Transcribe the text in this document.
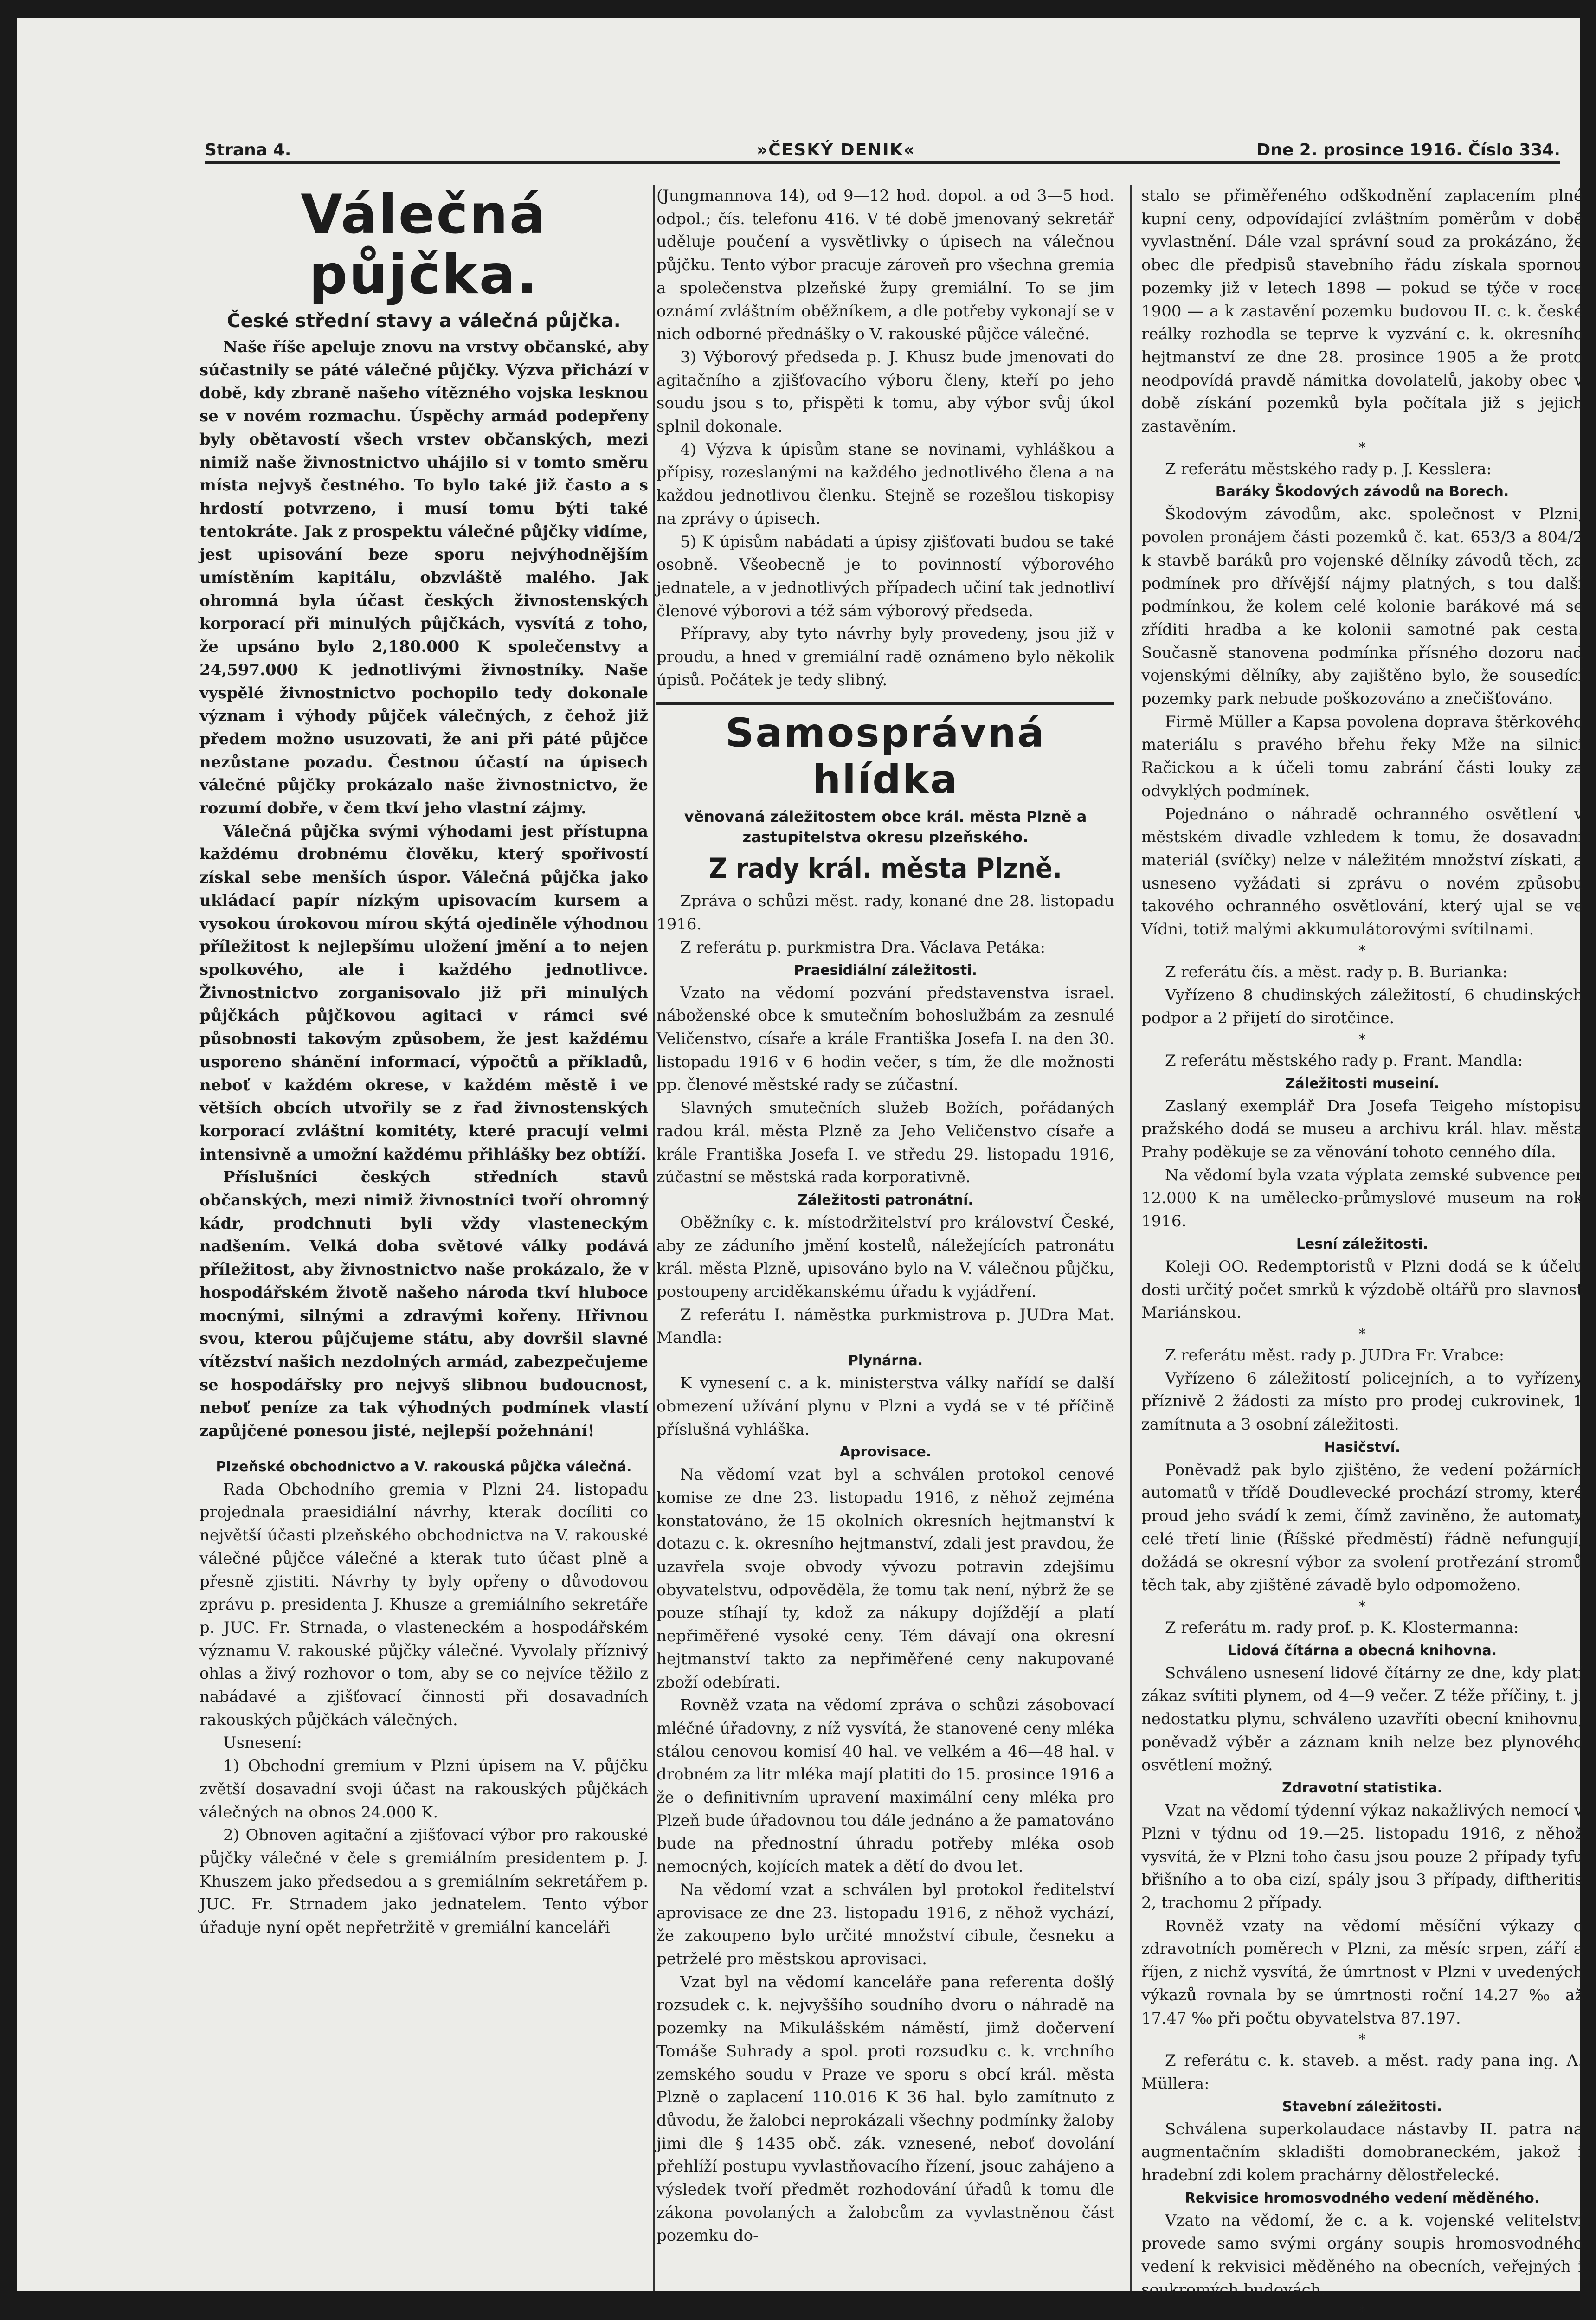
Strana 4.	»ČESKÝ DENIK«	Dne 2. prosince 1916. Číslo 334.
Válečná půjčka.
České střední stavy a válečná půjčka.

Naše říše apeluje znovu na vrstvy občanské, aby súčastnily se páté válečné půjčky. Výzva přichází v době, kdy zbraně našeho vítězného vojska lesknou se v novém rozmachu. Úspěchy armád podepřeny byly obětavostí všech vrstev občanských, mezi nimiž naše živnostnictvo uhájilo si v tomto směru místa nejvyš čestného. To bylo také již často a s hrdostí potvrzeno, i musí tomu býti také tentokráte. Jak z prospektu válečné půjčky vidíme, jest upisování beze sporu nejvýhodnějším umístěním kapitálu, obzvláště malého. Jak ohromná byla účast českých živnostenských korporací při minulých půjčkách, vysvítá z toho, že upsáno bylo 2,180.000 K společenstvy a 24,597.000 K jednotlivými živnostníky. Naše vyspělé živnostnictvo pochopilo tedy dokonale význam i výhody půjček válečných, z čehož již předem možno usuzovati, že ani při páté půjčce nezůstane pozadu. Čestnou účastí na úpisech válečné půjčky prokázalo naše živnostnictvo, že rozumí dobře, v čem tkví jeho vlastní zájmy.

Válečná půjčka svými výhodami jest přístupna každému drobnému člověku, který spořivostí získal sebe menších úspor. Válečná půjčka jako ukládací papír nízkým upisovacím kursem a vysokou úrokovou mírou skýtá ojediněle výhodnou příležitost k nejlepšímu uložení jmění a to nejen spolkového, ale i každého jednotlivce. Živnostnictvo zorganisovalo již při minulých půjčkách půjčkovou agitaci v rámci své působnosti takovým způsobem, že jest každému usporeno shánění informací, výpočtů a příkladů, neboť v každém okrese, v každém městě i ve větších obcích utvořily se z řad živnostenských korporací zvláštní komitéty, které pracují velmi intensivně a umožní každému přihlášky bez obtíží.

Příslušníci českých středních stavů občanských, mezi nimiž živnostníci tvoří ohromný kádr, prodchnuti byli vždy vlasteneckým nadšením. Velká doba světové války podává příležitost, aby živnostnictvo naše prokázalo, že v hospodářském životě našeho národa tkví hluboce mocnými, silnými a zdravými kořeny. Hřivnou svou, kterou půjčujeme státu, aby dovršil slavné vítězství našich nezdolných armád, zabezpečujeme se hospodářsky pro nejvyš slibnou budoucnost, neboť peníze za tak výhodných podmínek vlastí zapůjčené ponesou jisté, nejlepší požehnání!

Plzeňské obchodnictvo a V. rakouská půjčka válečná.

Rada Obchodního gremia v Plzni 24. listopadu projednala praesidiální návrhy, kterak docíliti co největší účasti plzeňského obchodnictva na V. rakouské válečné půjčce válečné a kterak tuto účast plně a přesně zjistiti. Návrhy ty byly opřeny o důvodovou zprávu p. presidenta J. Khusze a gremiálního sekretáře p. JUC. Fr. Strnada, o vlasteneckém a hospodářském významu V. rakouské půjčky válečné. Vyvolaly příznivý ohlas a živý rozhovor o tom, aby se co nejvíce těžilo z nabádavé a zjišťovací činnosti při dosavadních rakouských půjčkách válečných.

Usnesení:

1) Obchodní gremium v Plzni úpisem na V. půjčku zvětší dosavadní svoji účast na rakouských půjčkách válečných na obnos 24.000 K.

2) Obnoven agitační a zjišťovací výbor pro rakouské půjčky válečné v čele s gremiálním presidentem p. J. Khuszem jako předsedou a s gremiálním sekretářem p. JUC. Fr. Strnadem jako jednatelem. Tento výbor úřaduje nyní opět nepřetržitě v gremiální kanceláři

(Jungmannova 14), od 9—12 hod. dopol. a od 3—5 hod. odpol.; čís. telefonu 416. V té době jmenovaný sekretář uděluje poučení a vysvětlivky o úpisech na válečnou půjčku. Tento výbor pracuje zároveň pro všechna gremia a společenstva plzeňské župy gremiální. To se jim oznámí zvláštním oběžníkem, a dle potřeby vykonají se v nich odborné přednášky o V. rakouské půjčce válečné.

3) Výborový předseda p. J. Khusz bude jmenovati do agitačního a zjišťovacího výboru členy, kteří po jeho soudu jsou s to, přispěti k tomu, aby výbor svůj úkol splnil dokonale.

4) Výzva k úpisům stane se novinami, vyhláškou a přípisy, rozeslanými na každého jednotlivého člena a na každou jednotlivou členku. Stejně se rozešlou tiskopisy na zprávy o úpisech.

5) K úpisům nabádati a úpisy zjišťovati budou se také osobně. Všeobecně je to povinností výborového jednatele, a v jednotlivých případech učiní tak jednotliví členové výborovi a též sám výborový předseda.

Přípravy, aby tyto návrhy byly provedeny, jsou již v proudu, a hned v gremiální radě oznámeno bylo několik úpisů. Počátek je tedy slibný.

Samosprávná hlídka
věnovaná záležitostem obce král. města Plzně a zastupitelstva okresu plzeňského.
Z rady král. města Plzně.

Zpráva o schůzi měst. rady, konané dne 28. listopadu 1916.

Z referátu p. purkmistra Dra. Václava Petáka:

Praesidiální záležitosti.

Vzato na vědomí pozvání představenstva israel. náboženské obce k smutečním bohoslužbám za zesnulé Veličenstvo, císaře a krále Františka Josefa I. na den 30. listopadu 1916 v 6 hodin večer, s tím, že dle možnosti pp. členové městské rady se zúčastní.

Slavných smutečních služeb Božích, pořádaných radou král. města Plzně za Jeho Veličenstvo císaře a krále Františka Josefa I. ve středu 29. listopadu 1916, zúčastní se městská rada korporativně.

Záležitosti patronátní.

Oběžníky c. k. místodržitelství pro království České, aby ze záduního jmění kostelů, náležejících patronátu král. města Plzně, upisováno bylo na V. válečnou půjčku, postoupeny arciděkanskému úřadu k vyjádření.

Z referátu I. náměstka purkmistrova p. JUDra Mat. Mandla:

Plynárna.

K vynesení c. a k. ministerstva války nařídí se další obmezení užívání plynu v Plzni a vydá se v té příčině příslušná vyhláška.

Aprovisace.

Na vědomí vzat byl a schválen protokol cenové komise ze dne 23. listopadu 1916, z něhož zejména konstatováno, že 15 okolních okresních hejtmanství k dotazu c. k. okresního hejtmanství, zdali jest pravdou, že uzavřela svoje obvody vývozu potravin zdejšímu obyvatelstvu, odpověděla, že tomu tak není, nýbrž že se pouze stíhají ty, kdož za nákupy dojíždějí a platí nepřiměřené vysoké ceny. Tém dávají ona okresní hejtmanství takto za nepřiměřené ceny nakupované zboží odebírati.

Rovněž vzata na vědomí zpráva o schůzi zásobovací mléčné úřadovny, z níž vysvítá, že stanovené ceny mléka stálou cenovou komisí 40 hal. ve velkém a 46—48 hal. v drobném za litr mléka mají platiti do 15. prosince 1916 a že o definitivním upravení maximální ceny mléka pro Plzeň bude úřadovnou tou dále jednáno a že pamatováno bude na přednostní úhradu potřeby mléka osob nemocných, kojících matek a dětí do dvou let.

Na vědomí vzat a schválen byl protokol ředitelství aprovisace ze dne 23. listopadu 1916, z něhož vychází, že zakoupeno bylo určité množství cibule, česneku a petrželé pro městskou aprovisaci.

Vzat byl na vědomí kanceláře pana referenta došlý rozsudek c. k. nejvyššího soudního dvoru o náhradě na pozemky na Mikulášském náměstí, jimž dočervení Tomáše Suhrady a spol. proti rozsudku c. k. vrchního zemského soudu v Praze ve sporu s obcí král. města Plzně o zaplacení 110.016 K 36 hal. bylo zamítnuto z důvodu, že žalobci neprokázali všechny podmínky žaloby jimi dle § 1435 obč. zák. vznesené, neboť dovolání přehlíží postupu vyvlastňovacího řízení, jsouc zahájeno a výsledek tvoří předmět rozhodování úřadů k tomu dle zákona povolaných a žalobcům za vyvlastněnou část pozemku do-

stalo se přiměřeného odškodnění zaplacením plné kupní ceny, odpovídající zvláštním poměrům v době vyvlastnění. Dále vzal správní soud za prokázáno, že obec dle předpisů stavebního řádu získala spornou pozemky již v letech 1898 — pokud se týče v roce 1900 — a k zastavění pozemku budovou II. c. k. české reálky rozhodla se teprve k vyzvání c. k. okresního hejtmanství ze dne 28. prosince 1905 a že proto neodpovídá pravdě námitka dovolatelů, jakoby obec v době získání pozemků byla počítala již s jejich zastavěním.

*

Z referátu městského rady p. J. Kesslera:

Baráky Škodových závodů na Borech.

Škodovým závodům, akc. společnost v Plzni, povolen pronájem části pozemků č. kat. 653/3 a 804/2 k stavbě baráků pro vojenské dělníky závodů těch, za podmínek pro dřívější nájmy platných, s tou další podmínkou, že kolem celé kolonie barákové má se zříditi hradba a ke kolonii samotné pak cesta. Současně stanovena podmínka přísného dozoru nad vojenskými dělníky, aby zajištěno bylo, že sousedící pozemky park nebude poškozováno a znečišťováno.

Firmě Müller a Kapsa povolena doprava štěrkového materiálu s pravého břehu řeky Mže na silnici Račickou a k účeli tomu zabrání části louky za odvyklých podmínek.

Pojednáno o náhradě ochranného osvětlení v městském divadle vzhledem k tomu, že dosavadní materiál (svíčky) nelze v náležitém množství získati, a usneseno vyžádati si zprávu o novém způsobu takového ochranného osvětlování, který ujal se ve Vídni, totiž malými akkumulátorovými svítilnami.

*

Z referátu čís. a měst. rady p. B. Burianka:

Vyřízeno 8 chudinských záležitostí, 6 chudinských podpor a 2 přijetí do sirotčince.

*

Z referátu městského rady p. Frant. Mandla:

Záležitosti museiní.

Zaslaný exemplář Dra Josefa Teigeho místopisu pražského dodá se museu a archivu král. hlav. města Prahy poděkuje se za věnování tohoto cenného díla.

Na vědomí byla vzata výplata zemské subvence per 12.000 K na umělecko-průmyslové museum na rok 1916.

Lesní záležitosti.

Koleji OO. Redemptoristů v Plzni dodá se k účelu dosti určitý počet smrků k výzdobě oltářů pro slavnost Mariánskou.

*

Z referátu měst. rady p. JUDra Fr. Vrabce:

Vyřízeno 6 záležitostí policejních, a to vyřízeny příznivě 2 žádosti za místo pro prodej cukrovinek, 1 zamítnuta a 3 osobní záležitosti.

Hasičství.

Poněvadž pak bylo zjištěno, že vedení požárních automatů v třídě Doudlevecké prochází stromy, které proud jeho svádí k zemi, čímž zaviněno, že automaty celé třetí linie (Říšské předměstí) řádně nefungují, dožádá se okresní výbor za svolení protřezání stromů těch tak, aby zjištěné závadě bylo odpomoženo.

*

Z referátu m. rady prof. p. K. Klostermanna:

Lidová čítárna a obecná knihovna.

Schváleno usnesení lidové čítárny ze dne, kdy platí zákaz svítiti plynem, od 4—9 večer. Z téže příčiny, t. j. nedostatku plynu, schváleno uzavříti obecní knihovnu, poněvadž výběr a záznam knih nelze bez plynového osvětlení možný.

Zdravotní statistika.

Vzat na vědomí týdenní výkaz nakažlivých nemocí v Plzni v týdnu od 19.—25. listopadu 1916, z něhož vysvítá, že v Plzni toho času jsou pouze 2 případy tyfu břišního a to oba cizí, spály jsou 3 případy, diftheritis 2, trachomu 2 případy.

Rovněž vzaty na vědomí měsíční výkazy o zdravotních poměrech v Plzni, za měsíc srpen, září a říjen, z nichž vysvítá, že úmrtnost v Plzni v uvedených výkazů rovnala by se úmrtnosti roční 14.27 ‰ až 17.47 ‰ při počtu obyvatelstva 87.197.

*

Z referátu c. k. staveb. a měst. rady pana ing. A. Müllera:

Stavební záležitosti.

Schválena superkolaudace nástavby II. patra na augmentačním skladišti domobraneckém, jakož i hradební zdi kolem prachárny dělostřelecké.

Rekvisice hromosvodného vedení měděného.

Vzato na vědomí, že c. a k. vojenské velitelství provede samo svými orgány soupis hromosvodného vedení k rekvisici měděného na obecních, veřejných i soukromých budovách.

*
